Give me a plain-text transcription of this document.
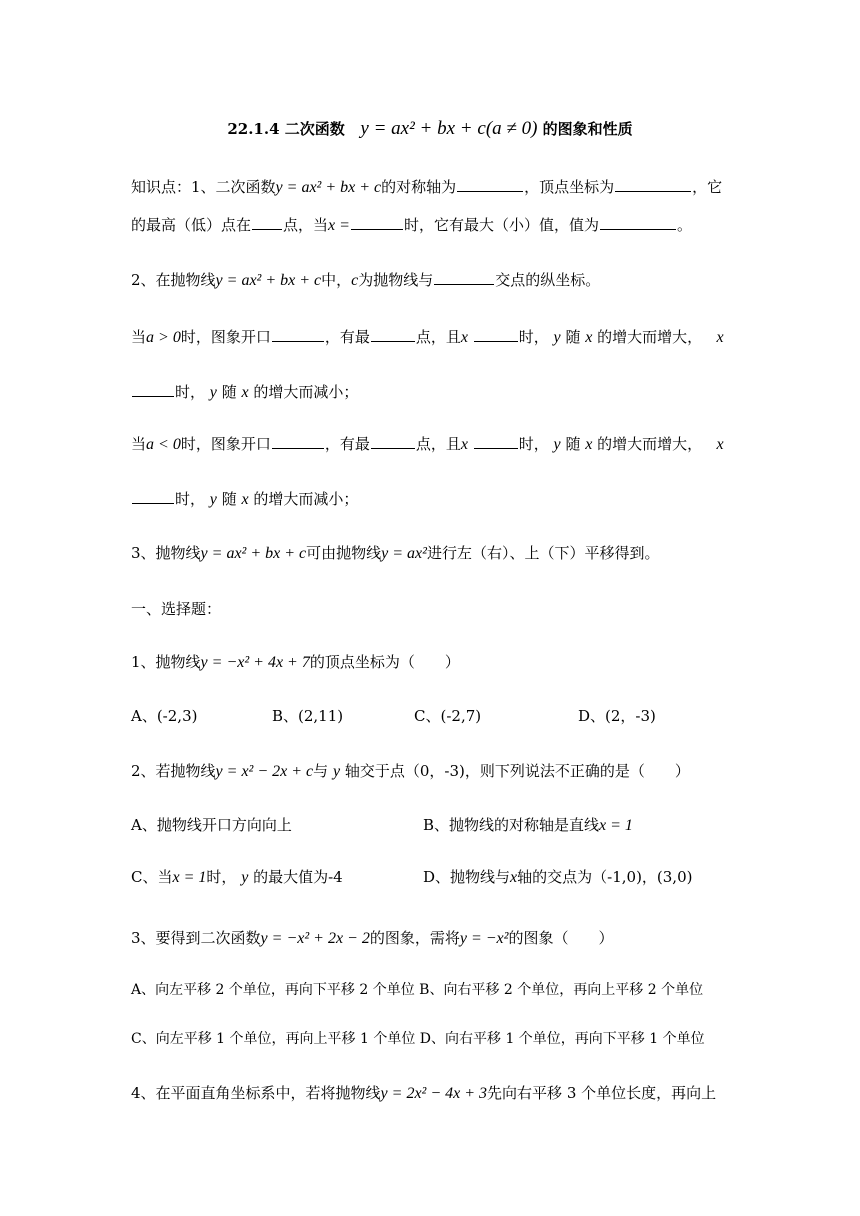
22.1.4 二次函数 y = ax² + bx + c(a ≠ 0) 的图象和性质
知识点：1、二次函数y = ax² + bx + c的对称轴为	，顶点坐标为	，它
的最高（低）点在 点，当x =	时，它有最大（小）值，值为	。
2、在抛物线y = ax² + bx + c中，c为抛物线与	交点的纵坐标。
当a > 0时，图象开口	，有最	点，且x	时， y 随 x 的增大而增大， x
时， y 随 x 的增大而减小；
当a < 0时，图象开口	，有最	点，且x	时， y 随 x 的增大而增大， x
时， y 随 x 的增大而减小；
3、抛物线y = ax² + bx + c可由抛物线y = ax²进行左（右）、上（下）平移得到。
一、选择题：
1、抛物线y = −x² + 4x + 7的顶点坐标为（　　）
A、(-2,3)	B、(2,11)	C、(-2,7)	D、(2，-3)
2、若抛物线y = x² − 2x + c与 y 轴交于点（0，-3)，则下列说法不正确的是（　　）
A、抛物线开口方向向上	B、抛物线的对称轴是直线x = 1
C、当x = 1时， y 的最大值为-4	D、抛物线与x轴的交点为（-1,0)，(3,0)
3、要得到二次函数y = −x² + 2x − 2的图象，需将y = −x²的图象（　　）
A、向左平移 2 个单位，再向下平移 2 个单位 B、向右平移 2 个单位，再向上平移 2 个单位
C、向左平移 1 个单位，再向上平移 1 个单位 D、向右平移 1 个单位，再向下平移 1 个单位
4、在平面直角坐标系中，若将抛物线y = 2x² − 4x + 3先向右平移 3 个单位长度，再向上
